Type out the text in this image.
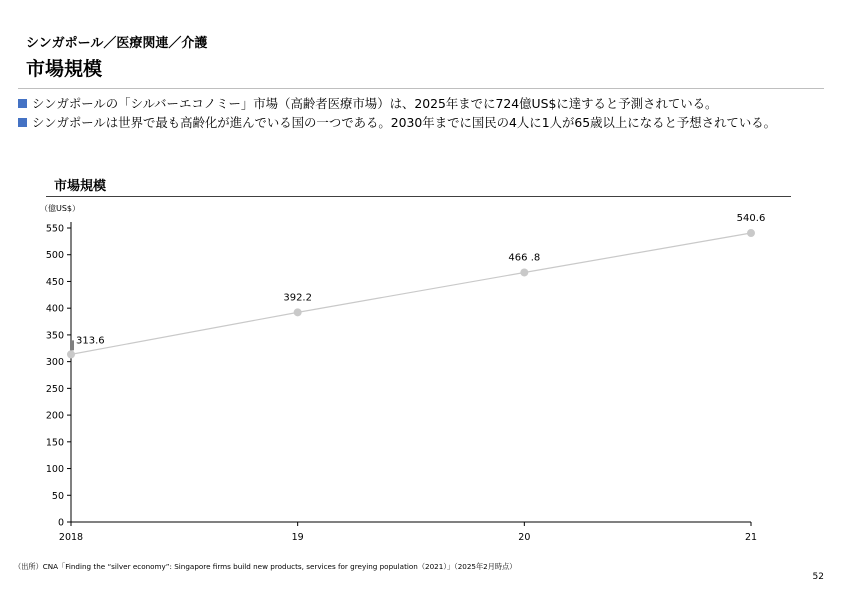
シンガポール／医療関連／介護
市場規模
シンガポールの「シルバーエコノミー」市場（高齢者医療市場）は、2025年までに724億US$に達すると予測されている。
シンガポールは世界で最も高齢化が進んでいる国の一つである。2030年までに国民の4人に1人が65歳以上になると予想されている。
市場規模
（億US$）
0
50
100
150
200
250
300
350
400
450
500
550
2018	19	20	21
313.6
392.2
466 .8
540.6
（出所）CNA「Finding the “silver economy”: Singapore firms build new products, services for greying population（2021）」（2025年2月時点）
52
